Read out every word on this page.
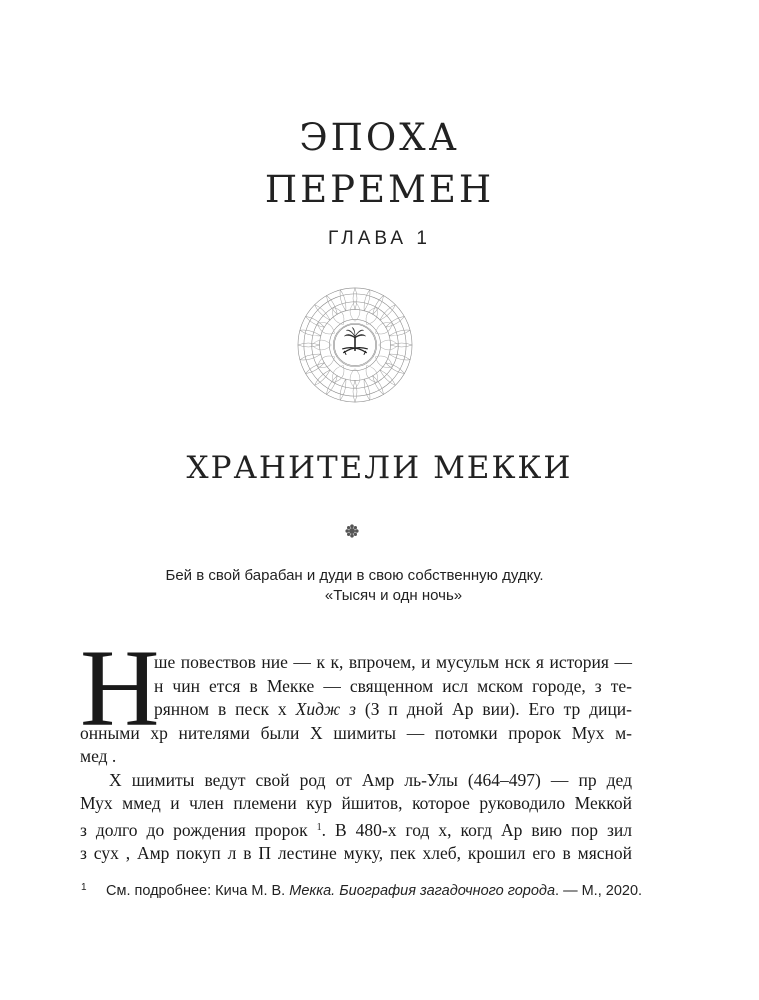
ЭПОХА
ПЕРЕМЕН
ГЛАВА 1
ХРАНИТЕЛИ МЕККИ
Бей в свой барабан и дуди в свою собственную дудку.
«Тысяч и одн ночь»
Н
ше повествов ние — к к, впрочем, и мусульм нск я история —
н чин ется в Мекке — священном исл мском городе, з те-
рянном в песк х Хидж з (З п дной Ар вии). Его тр дици-
онными хр нителями были Х шимиты — потомки пророк Мух м-
мед .
Х шимиты ведут свой род от Амр ль-Улы (464–497) — пр дед
Мух ммед и член племени кур йшитов, которое руководило Меккой
з долго до рождения пророк $^1$. В 480-х год х, когд Ар вию пор зил
з сух , Амр покуп л в П лестине муку, пек хлеб, крошил его в мясной
1 См. подробнее: Кича М. В. Мекка. Биография загадочного города. — М., 2020.
